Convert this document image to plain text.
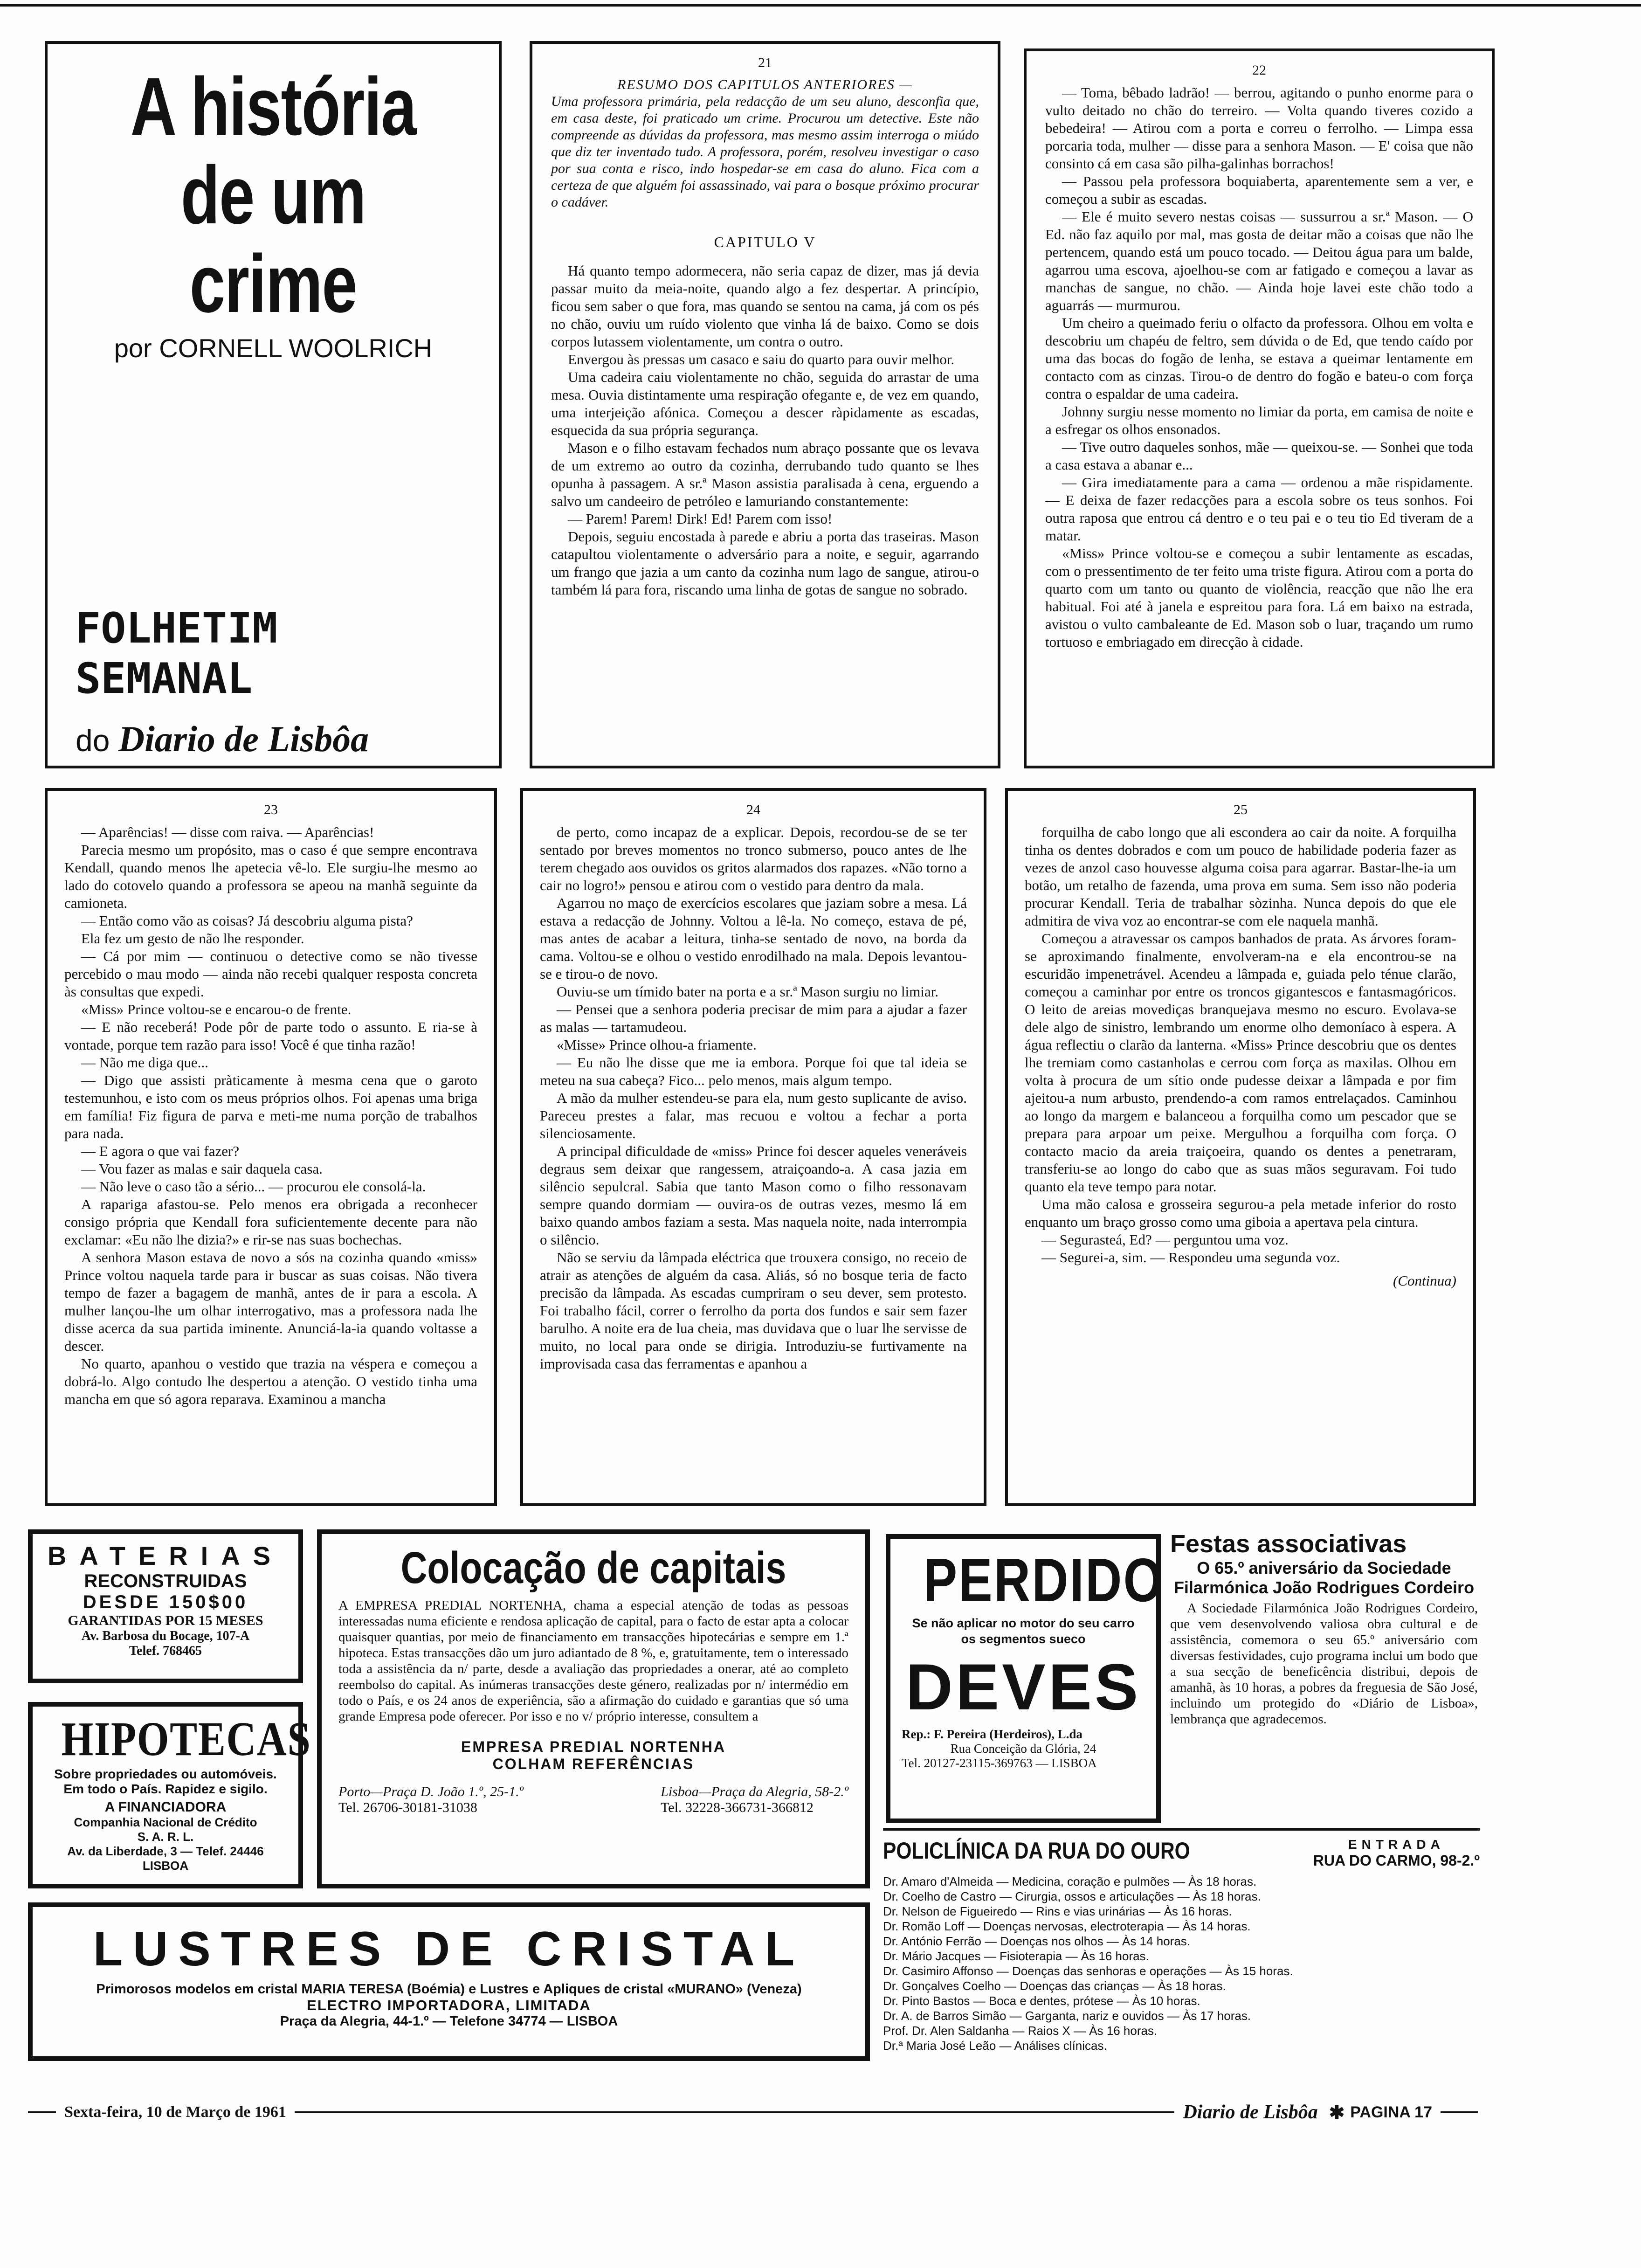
A história
de um crime
por CORNELL WOOLRICH
FOLHETIM
SEMANAL
do Diario de Lisbôa
21
RESUMO DOS CAPITULOS ANTERIORES —
Uma professora primária, pela redacção de um seu aluno, desconfia que, em casa deste, foi praticado um crime. Procurou um detective. Este não compreende as dúvidas da professora, mas mesmo assim interroga o miúdo que diz ter inventado tudo. A professora, porém, resolveu investigar o caso por sua conta e risco, indo hospedar-se em casa do aluno. Fica com a certeza de que alguém foi assassinado, vai para o bosque próximo procurar o cadáver.
CAPITULO V

Há quanto tempo adormecera, não seria capaz de dizer, mas já devia passar muito da meia-noite, quando algo a fez despertar. A princípio, ficou sem saber o que fora, mas quando se sentou na cama, já com os pés no chão, ouviu um ruído violento que vinha lá de baixo. Como se dois corpos lutassem violentamente, um contra o outro.

Envergou às pressas um casaco e saiu do quarto para ouvir melhor.

Uma cadeira caiu violentamente no chão, seguida do arrastar de uma mesa. Ouvia distintamente uma respiração ofegante e, de vez em quando, uma interjeição afónica. Começou a descer ràpidamente as escadas, esquecida da sua própria segurança.

Mason e o filho estavam fechados num abraço possante que os levava de um extremo ao outro da cozinha, derrubando tudo quanto se lhes opunha à passagem. A sr.ª Mason assistia paralisada à cena, erguendo a salvo um candeeiro de petróleo e lamuriando constantemente:

— Parem! Parem! Dirk! Ed! Parem com isso!

Depois, seguiu encostada à parede e abriu a porta das traseiras. Mason catapultou violentamente o adversário para a noite, e seguir, agarrando um frango que jazia a um canto da cozinha num lago de sangue, atirou-o também lá para fora, riscando uma linha de gotas de sangue no sobrado.

22

— Toma, bêbado ladrão! — berrou, agitando o punho enorme para o vulto deitado no chão do terreiro. — Volta quando tiveres cozido a bebedeira! — Atirou com a porta e correu o ferrolho. — Limpa essa porcaria toda, mulher — disse para a senhora Mason. — E' coisa que não consinto cá em casa são pilha-galinhas borrachos!

— Passou pela professora boquiaberta, aparentemente sem a ver, e começou a subir as escadas.

— Ele é muito severo nestas coisas — sussurrou a sr.ª Mason. — O Ed. não faz aquilo por mal, mas gosta de deitar mão a coisas que não lhe pertencem, quando está um pouco tocado. — Deitou água para um balde, agarrou uma escova, ajoelhou-se com ar fatigado e começou a lavar as manchas de sangue, no chão. — Ainda hoje lavei este chão todo a aguarrás — murmurou.

Um cheiro a queimado feriu o olfacto da professora. Olhou em volta e descobriu um chapéu de feltro, sem dúvida o de Ed, que tendo caído por uma das bocas do fogão de lenha, se estava a queimar lentamente em contacto com as cinzas. Tirou-o de dentro do fogão e bateu-o com força contra o espaldar de uma cadeira.

Johnny surgiu nesse momento no limiar da porta, em camisa de noite e a esfregar os olhos ensonados.

— Tive outro daqueles sonhos, mãe — queixou-se. — Sonhei que toda a casa estava a abanar e...

— Gira imediatamente para a cama — ordenou a mãe rispidamente. — E deixa de fazer redacções para a escola sobre os teus sonhos. Foi outra raposa que entrou cá dentro e o teu pai e o teu tio Ed tiveram de a matar.

«Miss» Prince voltou-se e começou a subir lentamente as escadas, com o pressentimento de ter feito uma triste figura. Atirou com a porta do quarto com um tanto ou quanto de violência, reacção que não lhe era habitual. Foi até à janela e espreitou para fora. Lá em baixo na estrada, avistou o vulto cambaleante de Ed. Mason sob o luar, traçando um rumo tortuoso e embriagado em direcção à cidade.

23

— Aparências! — disse com raiva. — Aparências!

Parecia mesmo um propósito, mas o caso é que sempre encontrava Kendall, quando menos lhe apetecia vê-lo. Ele surgiu-lhe mesmo ao lado do cotovelo quando a professora se apeou na manhã seguinte da camioneta.

— Então como vão as coisas? Já descobriu alguma pista?

Ela fez um gesto de não lhe responder.

— Cá por mim — continuou o detective como se não tivesse percebido o mau modo — ainda não recebi qualquer resposta concreta às consultas que expedi.

«Miss» Prince voltou-se e encarou-o de frente.

— E não receberá! Pode pôr de parte todo o assunto. E ria-se à vontade, porque tem razão para isso! Você é que tinha razão!

— Não me diga que...

— Digo que assisti pràticamente à mesma cena que o garoto testemunhou, e isto com os meus próprios olhos. Foi apenas uma briga em família! Fiz figura de parva e meti-me numa porção de trabalhos para nada.

— E agora o que vai fazer?

— Vou fazer as malas e sair daquela casa.

— Não leve o caso tão a sério... — procurou ele consolá-la.

A rapariga afastou-se. Pelo menos era obrigada a reconhecer consigo própria que Kendall fora suficientemente decente para não exclamar: «Eu não lhe dizia?» e rir-se nas suas bochechas.

A senhora Mason estava de novo a sós na cozinha quando «miss» Prince voltou naquela tarde para ir buscar as suas coisas. Não tivera tempo de fazer a bagagem de manhã, antes de ir para a escola. A mulher lançou-lhe um olhar interrogativo, mas a professora nada lhe disse acerca da sua partida iminente. Anunciá-la-ia quando voltasse a descer.

No quarto, apanhou o vestido que trazia na véspera e começou a dobrá-lo. Algo contudo lhe despertou a atenção. O vestido tinha uma mancha em que só agora reparava. Examinou a mancha

24

de perto, como incapaz de a explicar. Depois, recordou-se de se ter sentado por breves momentos no tronco submerso, pouco antes de lhe terem chegado aos ouvidos os gritos alarmados dos rapazes. «Não torno a cair no logro!» pensou e atirou com o vestido para dentro da mala.

Agarrou no maço de exercícios escolares que jaziam sobre a mesa. Lá estava a redacção de Johnny. Voltou a lê-la. No começo, estava de pé, mas antes de acabar a leitura, tinha-se sentado de novo, na borda da cama. Voltou-se e olhou o vestido enrodilhado na mala. Depois levantou-se e tirou-o de novo.

Ouviu-se um tímido bater na porta e a sr.ª Mason surgiu no limiar.

— Pensei que a senhora poderia precisar de mim para a ajudar a fazer as malas — tartamudeou.

«Misse» Prince olhou-a friamente.

— Eu não lhe disse que me ia embora. Porque foi que tal ideia se meteu na sua cabeça? Fico... pelo menos, mais algum tempo.

A mão da mulher estendeu-se para ela, num gesto suplicante de aviso. Pareceu prestes a falar, mas recuou e voltou a fechar a porta silenciosamente.

A principal dificuldade de «miss» Prince foi descer aqueles veneráveis degraus sem deixar que rangessem, atraiçoando-a. A casa jazia em silêncio sepulcral. Sabia que tanto Mason como o filho ressonavam sempre quando dormiam — ouvira-os de outras vezes, mesmo lá em baixo quando ambos faziam a sesta. Mas naquela noite, nada interrompia o silêncio.

Não se serviu da lâmpada eléctrica que trouxera consigo, no receio de atrair as atenções de alguém da casa. Aliás, só no bosque teria de facto precisão da lâmpada. As escadas cumpriram o seu dever, sem protesto. Foi trabalho fácil, correr o ferrolho da porta dos fundos e sair sem fazer barulho. A noite era de lua cheia, mas duvidava que o luar lhe servisse de muito, no local para onde se dirigia. Introduziu-se furtivamente na improvisada casa das ferramentas e apanhou a

25

forquilha de cabo longo que ali escondera ao cair da noite. A forquilha tinha os dentes dobrados e com um pouco de habilidade poderia fazer as vezes de anzol caso houvesse alguma coisa para agarrar. Bastar-lhe-ia um botão, um retalho de fazenda, uma prova em suma. Sem isso não poderia procurar Kendall. Teria de trabalhar sòzinha. Nunca depois do que ele admitira de viva voz ao encontrar-se com ele naquela manhã.

Começou a atravessar os campos banhados de prata. As árvores foram-se aproximando finalmente, envolveram-na e ela encontrou-se na escuridão impenetrável. Acendeu a lâmpada e, guiada pelo ténue clarão, começou a caminhar por entre os troncos gigantescos e fantasmagóricos. O leito de areias movediças branquejava mesmo no escuro. Evolava-se dele algo de sinistro, lembrando um enorme olho demoníaco à espera. A água reflectiu o clarão da lanterna. «Miss» Prince descobriu que os dentes lhe tremiam como castanholas e cerrou com força as maxilas. Olhou em volta à procura de um sítio onde pudesse deixar a lâmpada e por fim ajeitou-a num arbusto, prendendo-a com ramos entrelaçados. Caminhou ao longo da margem e balanceou a forquilha como um pescador que se prepara para arpoar um peixe. Mergulhou a forquilha com força. O contacto macio da areia traiçoeira, quando os dentes a penetraram, transferiu-se ao longo do cabo que as suas mãos seguravam. Foi tudo quanto ela teve tempo para notar.

Uma mão calosa e grosseira segurou-a pela metade inferior do rosto enquanto um braço grosso como uma giboia a apertava pela cintura.

— Segurasteá, Ed? — perguntou uma voz.

— Segurei-a, sim. — Respondeu uma segunda voz.

(Continua)
BATERIAS
RECONSTRUIDAS
DESDE 150$00
GARANTIDAS POR 15 MESES
Av. Barbosa du Bocage, 107-A
Telef. 768465
HIPOTECAS
Sobre propriedades ou automóveis. Em todo o País. Rapidez e sigilo.
A FINANCIADORA
Companhia Nacional de Crédito
S. A. R. L.
Av. da Liberdade, 3 — Telef. 24446
LISBOA
Colocação de capitais
A EMPRESA PREDIAL NORTENHA, chama a especial atenção de todas as pessoas interessadas numa eficiente e rendosa aplicação de capital, para o facto de estar apta a colocar quaisquer quantias, por meio de financiamento em transacções hipotecárias e sempre em 1.ª hipoteca. Estas transacções dão um juro adiantado de 8 %, e, gratuitamente, tem o interessado toda a assistência da n/ parte, desde a avaliação das propriedades a onerar, até ao completo reembolso do capital. As inúmeras transacções deste género, realizadas por n/ intermédio em todo o País, e os 24 anos de experiência, são a afirmação do cuidado e garantias que só uma grande Empresa pode oferecer. Por isso e no v/ próprio interesse, consultem a
EMPRESA PREDIAL NORTENHA
COLHAM REFERÊNCIAS
Porto—Praça D. João 1.º, 25-1.º
Tel. 26706-30181-31038
Lisboa—Praça da Alegria, 58-2.º
Tel. 32228-366731-366812
PERDIDO
Se não aplicar no motor do seu carro os segmentos sueco
DEVES
Rep.: F. Pereira (Herdeiros), L.da
Rua Conceição da Glória, 24
Tel. 20127-23115-369763 — LISBOA
Festas associativas
O 65.º aniversário da Sociedade Filarmónica João Rodrigues Cordeiro
A Sociedade Filarmónica João Rodrigues Cordeiro, que vem desenvolvendo valiosa obra cultural e de assistência, comemora o seu 65.º aniversário com diversas festividades, cujo programa inclui um bodo que a sua secção de beneficência distribui, depois de amanhã, às 10 horas, a pobres da freguesia de São José, incluindo um protegido do «Diário de Lisboa», lembrança que agradecemos.
POLICLÍNICA DA RUA DO OURO	ENTRADA
RUA DO CARMO, 98-2.º
Dr. Amaro d'Almeida — Medicina, coração e pulmões — Às 18 horas.
Dr. Coelho de Castro — Cirurgia, ossos e articulações — Às 18 horas.
Dr. Nelson de Figueiredo — Rins e vias urinárias — Às 16 horas.
Dr. Romão Loff — Doenças nervosas, electroterapia — Às 14 horas.
Dr. António Ferrão — Doenças nos olhos — Às 14 horas.
Dr. Mário Jacques — Fisioterapia — Às 16 horas.
Dr. Casimiro Affonso — Doenças das senhoras e operações — Às 15 horas.
Dr. Gonçalves Coelho — Doenças das crianças — Às 18 horas.
Dr. Pinto Bastos — Boca e dentes, prótese — Às 10 horas.
Dr. A. de Barros Simão — Garganta, nariz e ouvidos — Às 17 horas.
Prof. Dr. Alen Saldanha — Raios X — Às 16 horas.
Dr.ª Maria José Leão — Análises clínicas.
LUSTRES DE CRISTAL
Primorosos modelos em cristal MARIA TERESA (Boémia) e Lustres e Apliques de cristal «MURANO» (Veneza)
ELECTRO IMPORTADORA, LIMITADA
Praça da Alegria, 44-1.º — Telefone 34774 — LISBOA
Sexta-feira, 10 de Março de 1961	Diario de Lisbôa ✱ PAGINA 17
